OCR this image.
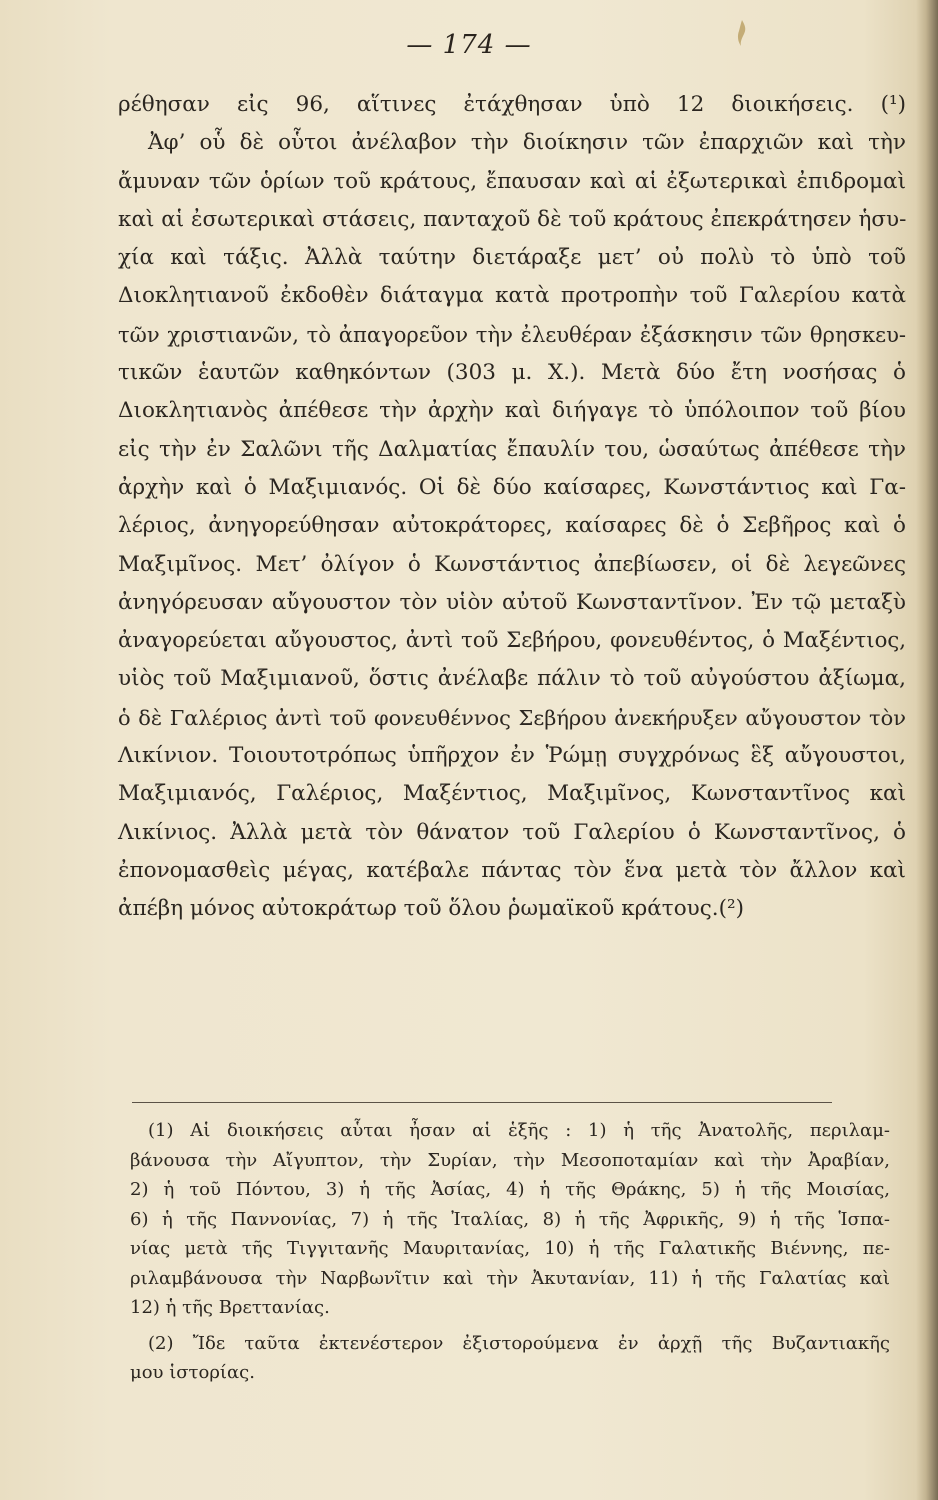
— 174 —
ρέθησαν εἰς 96, αἵτινες ἐτάχθησαν ὑπὸ 12 διοικήσεις. (¹)
Ἀφ’ οὗ δὲ οὗτοι ἀνέλαβον τὴν διοίκησιν τῶν ἐπαρχιῶν καὶ τὴν
ἄμυναν τῶν ὁρίων τοῦ κράτους, ἔπαυσαν καὶ αἱ ἐξωτερικαὶ ἐπιδρομαὶ
καὶ αἱ ἐσωτερικαὶ στάσεις, πανταχοῦ δὲ τοῦ κράτους ἐπεκράτησεν ἡσυ-
χία καὶ τάξις. Ἀλλὰ ταύτην διετάραξε μετ’ οὐ πολὺ τὸ ὑπὸ τοῦ
Διοκλητιανοῦ ἐκδοθὲν διάταγμα κατὰ προτροπὴν τοῦ Γαλερίου κατὰ
τῶν χριστιανῶν, τὸ ἀπαγορεῦον τὴν ἐλευθέραν ἐξάσκησιν τῶν θρησκευ-
τικῶν ἑαυτῶν καθηκόντων (303 μ. Χ.). Μετὰ δύο ἔτη νοσήσας ὁ
Διοκλητιανὸς ἀπέθεσε τὴν ἀρχὴν καὶ διήγαγε τὸ ὑπόλοιπον τοῦ βίου
εἰς τὴν ἐν Σαλῶνι τῆς Δαλματίας ἔπαυλίν του, ὡσαύτως ἀπέθεσε τὴν
ἀρχὴν καὶ ὁ Μαξιμιανός. Οἱ δὲ δύο καίσαρες, Κωνστάντιος καὶ Γα-
λέριος, ἀνηγορεύθησαν αὐτοκράτορες, καίσαρες δὲ ὁ Σεβῆρος καὶ ὁ
Μαξιμῖνος. Μετ’ ὀλίγον ὁ Κωνστάντιος ἀπεβίωσεν, οἱ δὲ λεγεῶνες
ἀνηγόρευσαν αὔγουστον τὸν υἱὸν αὐτοῦ Κωνσταντῖνον. Ἐν τῷ μεταξὺ
ἀναγορεύεται αὔγουστος, ἀντὶ τοῦ Σεβήρου, φονευθέντος, ὁ Μαξέντιος,
υἱὸς τοῦ Μαξιμιανοῦ, ὅστις ἀνέλαβε πάλιν τὸ τοῦ αὐγούστου ἀξίωμα,
ὁ δὲ Γαλέριος ἀντὶ τοῦ φονευθέννος Σεβήρου ἀνεκήρυξεν αὔγουστον τὸν
Λικίνιον. Τοιουτοτρόπως ὑπῆρχον ἐν Ῥώμῃ συγχρόνως ἓξ αὔγουστοι,
Μαξιμιανός, Γαλέριος, Μαξέντιος, Μαξιμῖνος, Κωνσταντῖνος καὶ
Λικίνιος. Ἀλλὰ μετὰ τὸν θάνατον τοῦ Γαλερίου ὁ Κωνσταντῖνος, ὁ
ἐπονομασθεὶς μέγας, κατέβαλε πάντας τὸν ἕνα μετὰ τὸν ἄλλον καὶ
ἀπέβη μόνος αὐτοκράτωρ τοῦ ὅλου ῥωμαϊκοῦ κράτους.(²)
(1) Αἱ διοικήσεις αὗται ἦσαν αἱ ἑξῆς : 1) ἡ τῆς Ἀνατολῆς, περιλαμ-
βάνουσα τὴν Αἴγυπτον, τὴν Συρίαν, τὴν Μεσοποταμίαν καὶ τὴν Ἀραβίαν,
2) ἡ τοῦ Πόντου, 3) ἡ τῆς Ἀσίας, 4) ἡ τῆς Θράκης, 5) ἡ τῆς Μοισίας,
6) ἡ τῆς Παννονίας, 7) ἡ τῆς Ἰταλίας, 8) ἡ τῆς Ἀφρικῆς, 9) ἡ τῆς Ἱσπα-
νίας μετὰ τῆς Τιγγιτανῆς Μαυριτανίας, 10) ἡ τῆς Γαλατικῆς Βιέννης, πε-
ριλαμβάνουσα τὴν Ναρβωνῖτιν καὶ τὴν Ἀκυτανίαν, 11) ἡ τῆς Γαλατίας καὶ
12) ἡ τῆς Βρεττανίας.
(2) Ἴδε ταῦτα ἐκτενέστερον ἐξιστορούμενα ἐν ἀρχῇ τῆς Βυζαντιακῆς
μου ἱστορίας.
